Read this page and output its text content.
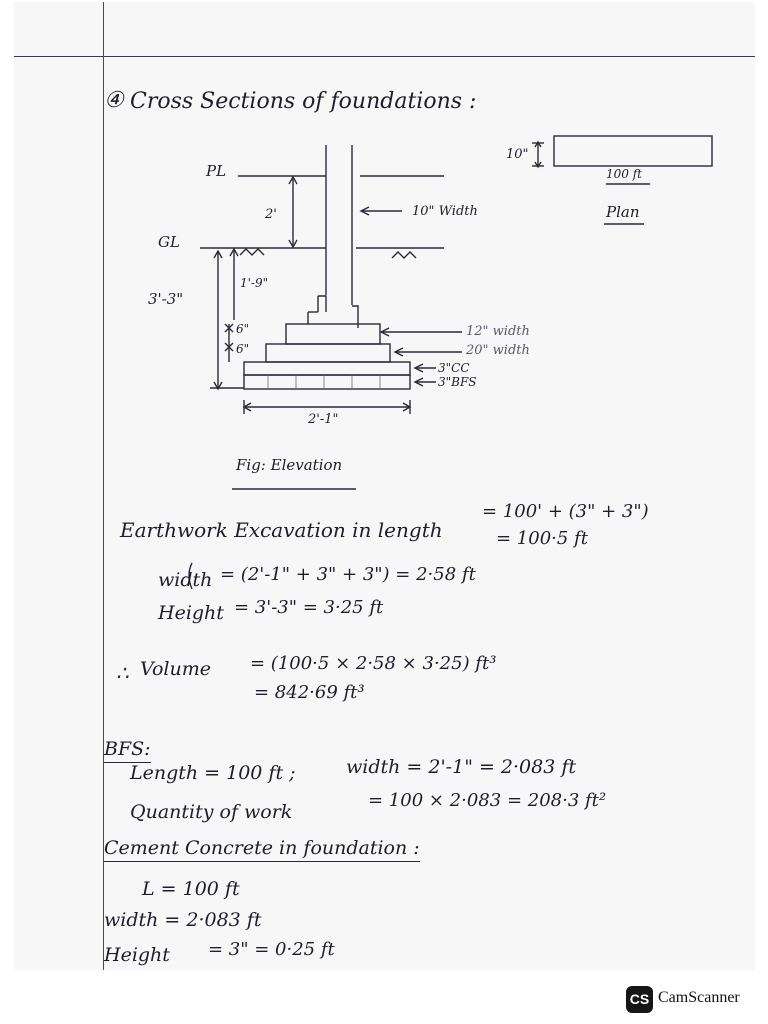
④ Cross Sections of foundations :
10"
100 ft
Plan
PL
GL
2'	10" Width
1'-9"
3'-3"
6"
6"
12" width
20" width
3"CC
3"BFS
2'-1"
Fig: Elevation
Earthwork Excavation in length
= 100' + (3" + 3")
= 100·5 ft
width = (2'-1" + 3" + 3") = 2·58 ft
Height = 3'-3" = 3·25 ft
∴ Volume = (100·5 × 2·58 × 3·25) ft³
= 842·69 ft³
BFS:
Length = 100 ft ;	width = 2'-1" = 2·083 ft
Quantity of work
= 100 × 2·083 = 208·3 ft²
Cement Concrete in foundation :
L = 100 ft
width = 2·083 ft
Height = 3" = 0·25 ft
CS CamScanner
